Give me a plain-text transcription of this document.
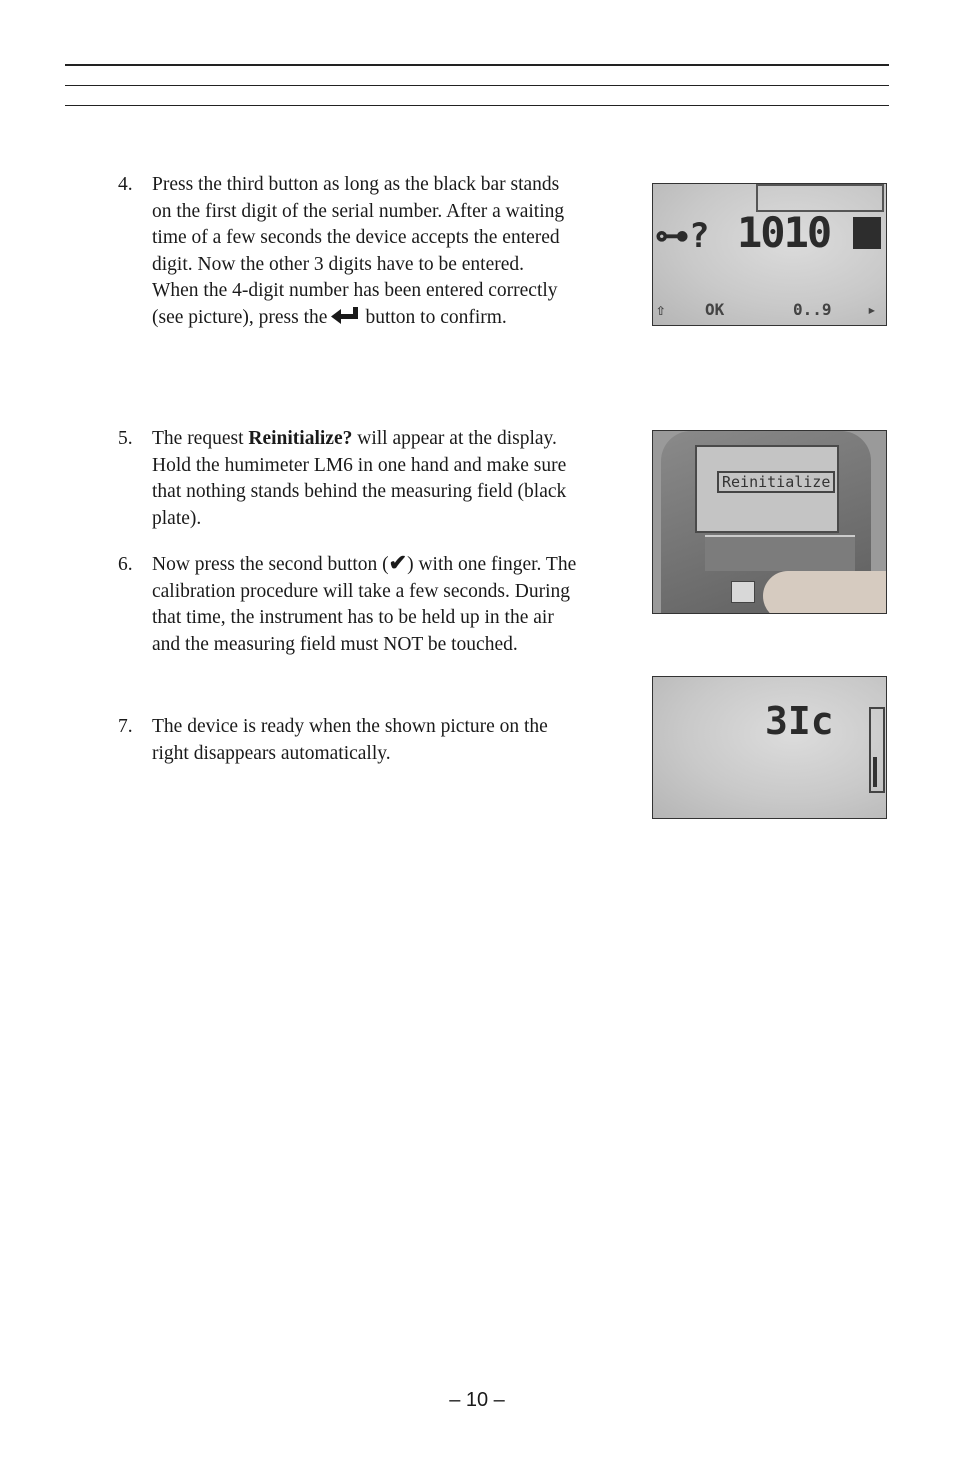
4. Press the third button as long as the black bar stands
on the first digit of the serial number. After a waiting
time of a few seconds the device accepts the entered
digit. Now the other 3 digits have to be entered.
When the 4-digit number has been entered correctly
(see picture), press the button to confirm.
5. The request Reinitialize? will appear at the display.
Hold the humimeter LM6 in one hand and make sure
that nothing stands behind the measuring field (black
plate).
6. Now press the second button (✔) with one finger. The
calibration procedure will take a few seconds. During
that time, the instrument has to be held up in the air
and the measuring field must NOT be touched.
7. The device is ready when the shown picture on the
right disappears automatically.
⊶? 1010
⇧ OK	0..9 ▸
Reinitialize
3Ic
– 10 –
